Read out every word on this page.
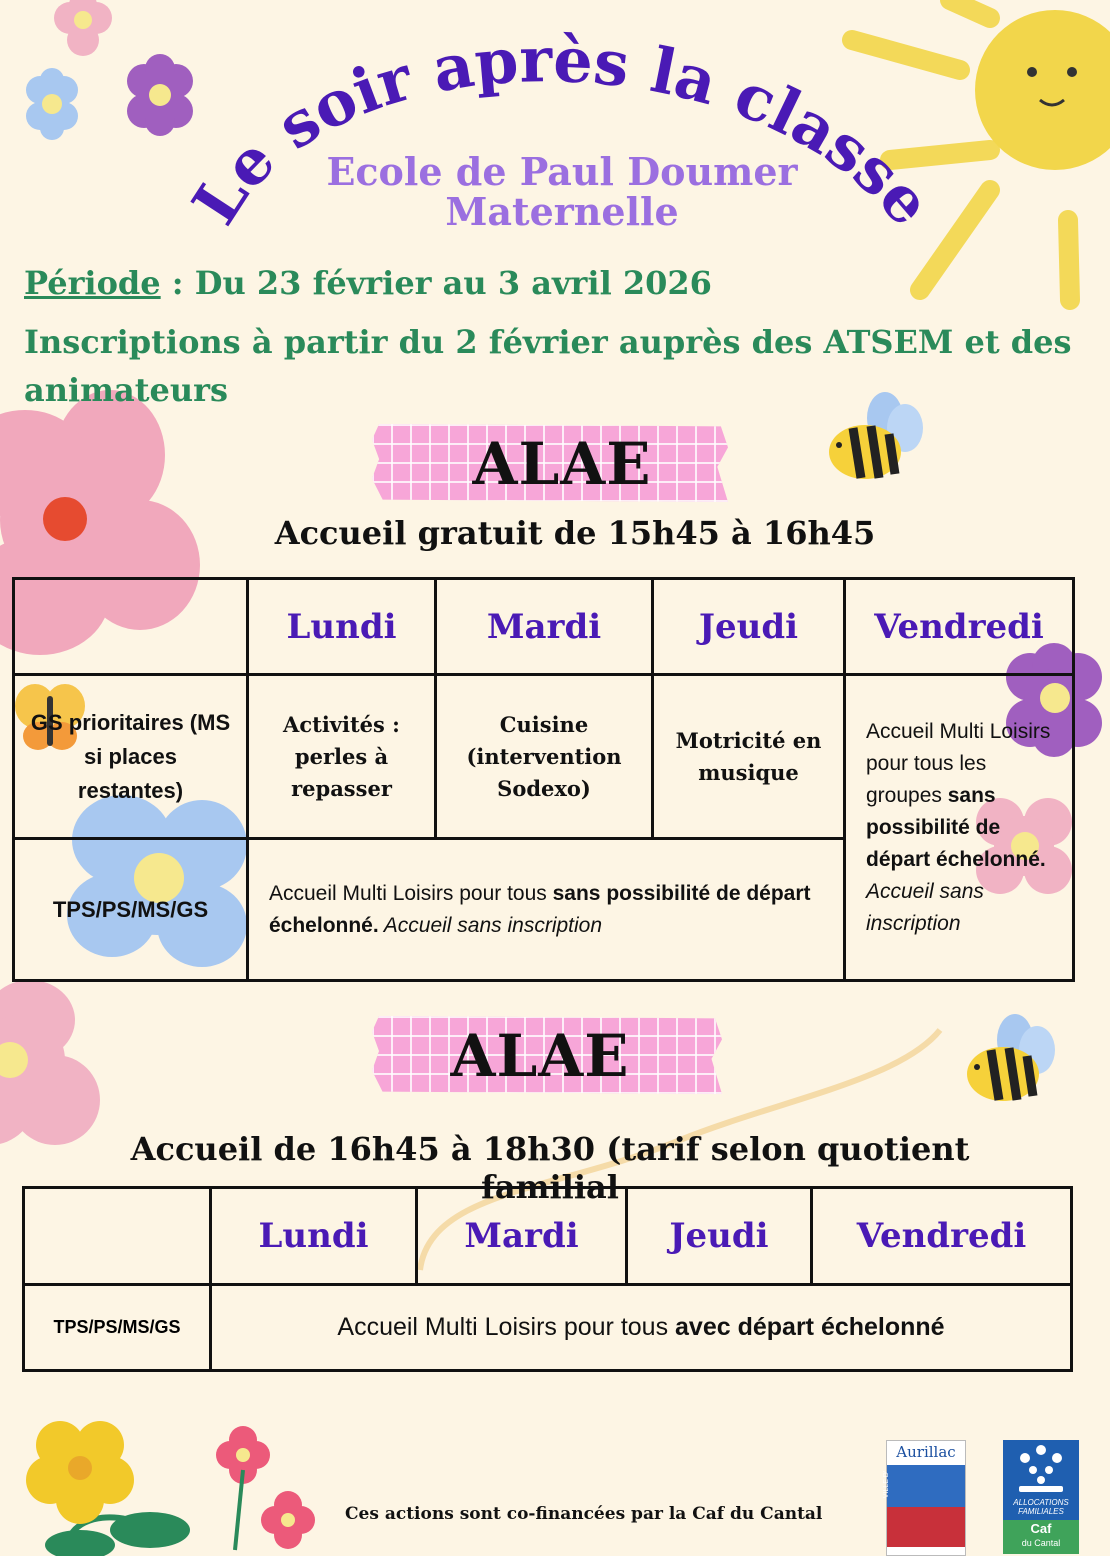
Le soir après la classe
Ecole de Paul Doumer
Maternelle
Période : Du 23 février au 3 avril 2026
Inscriptions à partir du 2 février auprès des ATSEM et des animateurs
ALAE
Accueil gratuit de 15h45 à 16h45
	Lundi	Mardi	Jeudi	Vendredi

GS prioritaires (MS si places restantes)	Activités : perles à repasser	Cuisine (intervention Sodexo)	Motricité en musique	Accueil Multi Loisirs pour tous les groupes sans possibilité de départ échelonné. Accueil sans inscription

TPS/PS/MS/GS	Accueil Multi Loisirs pour tous sans possibilité de départ échelonné. Accueil sans inscription			
ALAE
Accueil de 16h45 à 18h30 (tarif selon quotient familial
	Lundi	Mardi	Jeudi	Vendredi
TPS/PS/MS/GS	Accueil Multi Loisirs pour tous avec départ échelonné			
Ces actions sont co-financées par la Caf du Cantal
Aurillac
VILLE D'
CANTAL
ALLOCATIONS
FAMILIALES
Caf
du Cantal
